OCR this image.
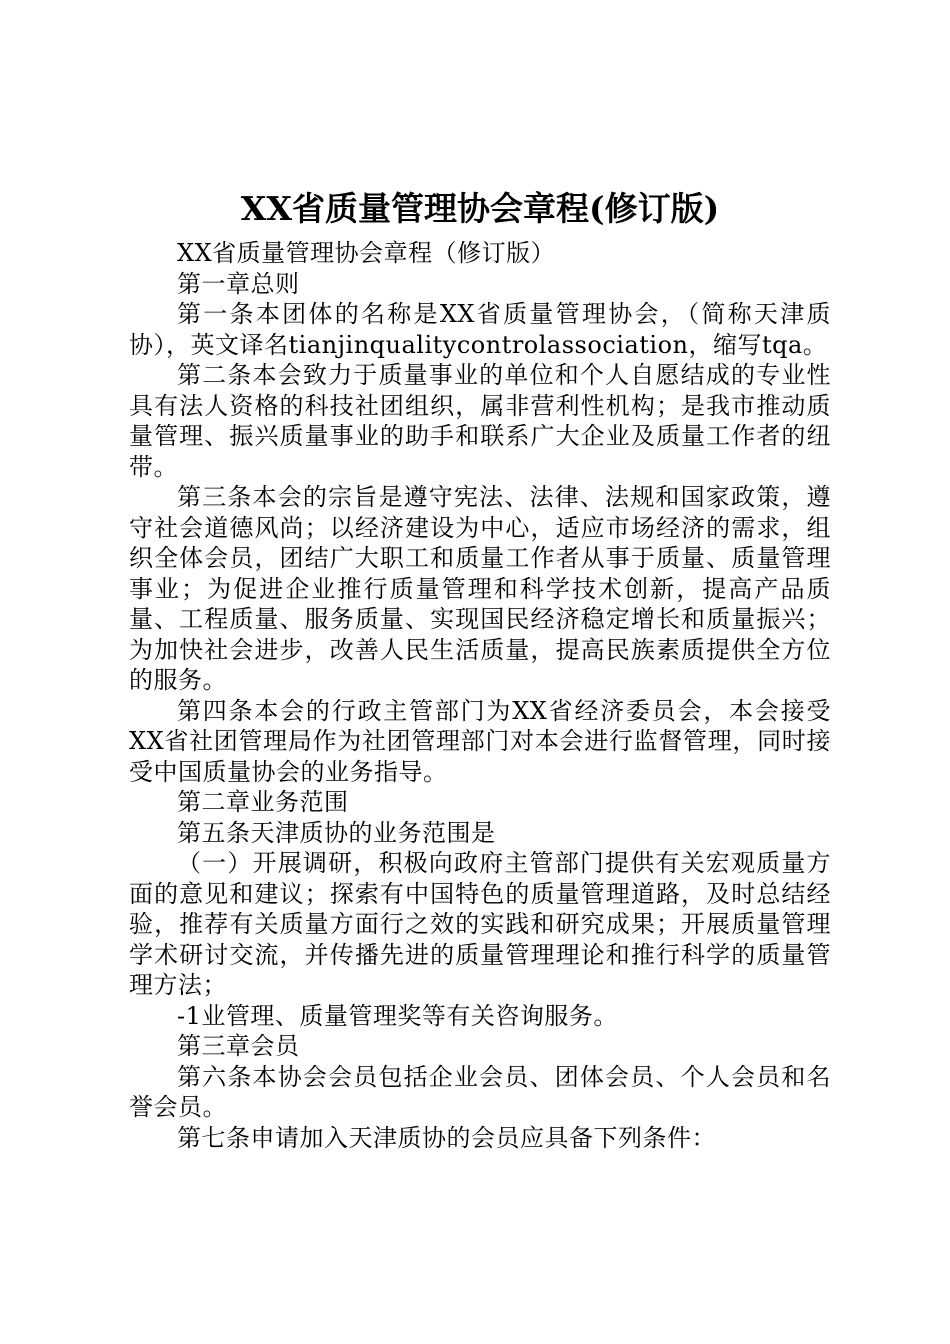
XX省质量管理协会章程(修订版)

XX省质量管理协会章程（修订版）

第一章总则

第一条本团体的名称是XX省质量管理协会，（简称天津质协），英文译名tianjinqualitycontrolassociation，缩写tqa。

第二条本会致力于质量事业的单位和个人自愿结成的专业性具有法人资格的科技社团组织，属非营利性机构；是我市推动质量管理、振兴质量事业的助手和联系广大企业及质量工作者的纽带。

第三条本会的宗旨是遵守宪法、法律、法规和国家政策，遵守社会道德风尚；以经济建设为中心，适应市场经济的需求，组织全体会员，团结广大职工和质量工作者从事于质量、质量管理事业；为促进企业推行质量管理和科学技术创新，提高产品质量、工程质量、服务质量、实现国民经济稳定增长和质量振兴；为加快社会进步，改善人民生活质量，提高民族素质提供全方位的服务。

第四条本会的行政主管部门为XX省经济委员会，本会接受XX省社团管理局作为社团管理部门对本会进行监督管理，同时接受中国质量协会的业务指导。

第二章业务范围

第五条天津质协的业务范围是

（一）开展调研，积极向政府主管部门提供有关宏观质量方面的意见和建议；探索有中国特色的质量管理道路，及时总结经验，推荐有关质量方面行之效的实践和研究成果；开展质量管理学术研讨交流，并传播先进的质量管理理论和推行科学的质量管理方法；

-1业管理、质量管理奖等有关咨询服务。

第三章会员

第六条本协会会员包括企业会员、团体会员、个人会员和名誉会员。

第七条申请加入天津质协的会员应具备下列条件：
